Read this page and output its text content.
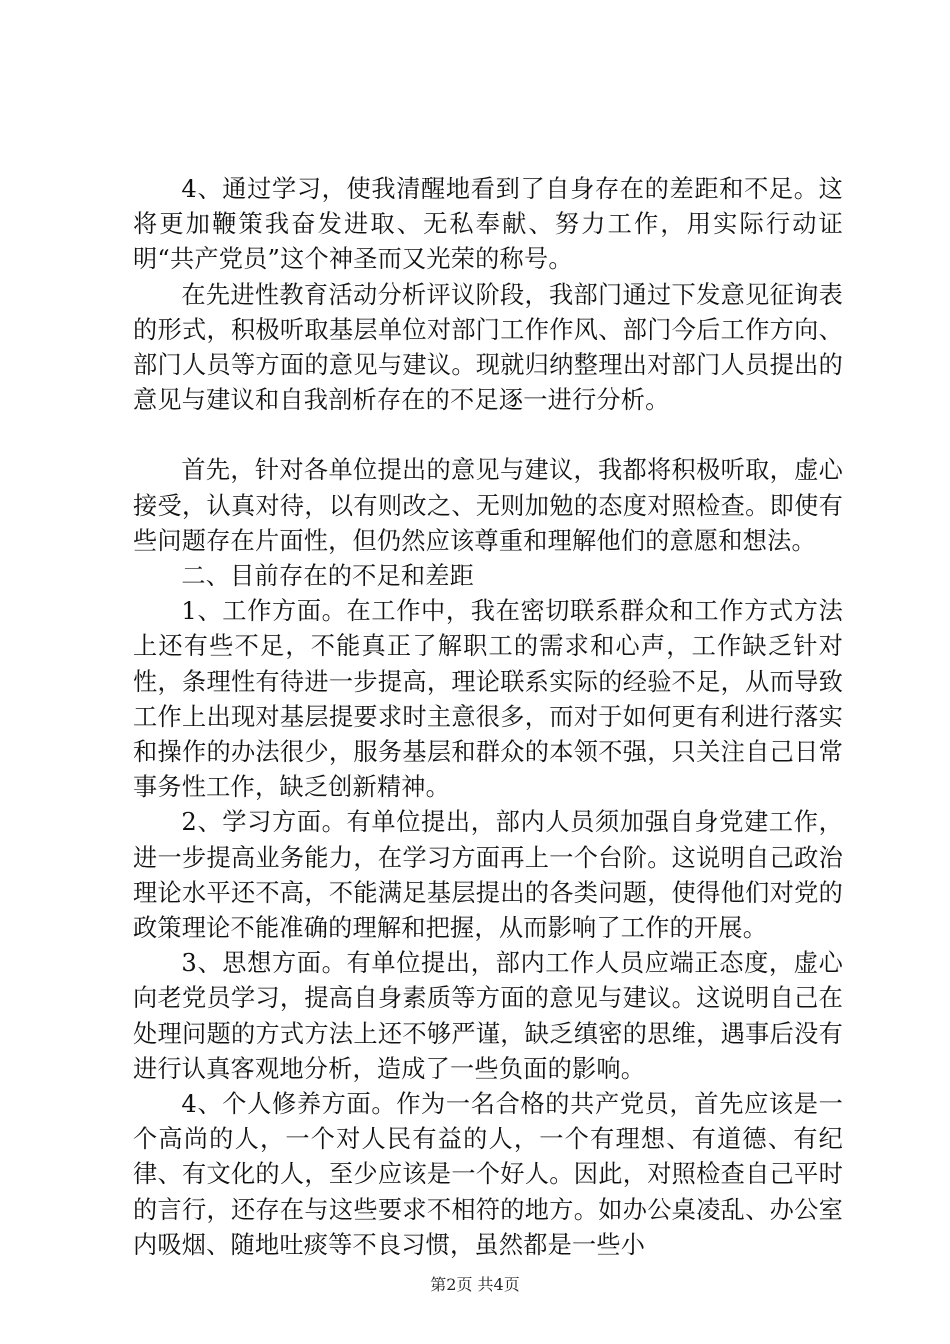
4、通过学习，使我清醒地看到了自身存在的差距和不足。这将更加鞭策我奋发进取、无私奉献、努力工作，用实际行动证明“共产党员”这个神圣而又光荣的称号。

在先进性教育活动分析评议阶段，我部门通过下发意见征询表的形式，积极听取基层单位对部门工作作风、部门今后工作方向、部门人员等方面的意见与建议。现就归纳整理出对部门人员提出的意见与建议和自我剖析存在的不足逐一进行分析。

首先，针对各单位提出的意见与建议，我都将积极听取，虚心接受，认真对待，以有则改之、无则加勉的态度对照检查。即使有些问题存在片面性，但仍然应该尊重和理解他们的意愿和想法。

二、目前存在的不足和差距

1、工作方面。在工作中，我在密切联系群众和工作方式方法上还有些不足，不能真正了解职工的需求和心声，工作缺乏针对性，条理性有待进一步提高，理论联系实际的经验不足，从而导致工作上出现对基层提要求时主意很多，而对于如何更有利进行落实和操作的办法很少，服务基层和群众的本领不强，只关注自己日常事务性工作，缺乏创新精神。

2、学习方面。有单位提出，部内人员须加强自身党建工作，进一步提高业务能力，在学习方面再上一个台阶。这说明自己政治理论水平还不高，不能满足基层提出的各类问题，使得他们对党的政策理论不能准确的理解和把握，从而影响了工作的开展。

3、思想方面。有单位提出，部内工作人员应端正态度，虚心向老党员学习，提高自身素质等方面的意见与建议。这说明自己在处理问题的方式方法上还不够严谨，缺乏缜密的思维，遇事后没有进行认真客观地分析，造成了一些负面的影响。

4、个人修养方面。作为一名合格的共产党员，首先应该是一个高尚的人，一个对人民有益的人，一个有理想、有道德、有纪律、有文化的人，至少应该是一个好人。因此，对照检查自己平时的言行，还存在与这些要求不相符的地方。如办公桌凌乱、办公室内吸烟、随地吐痰等不良习惯，虽然都是一些小

第2页 共4页
